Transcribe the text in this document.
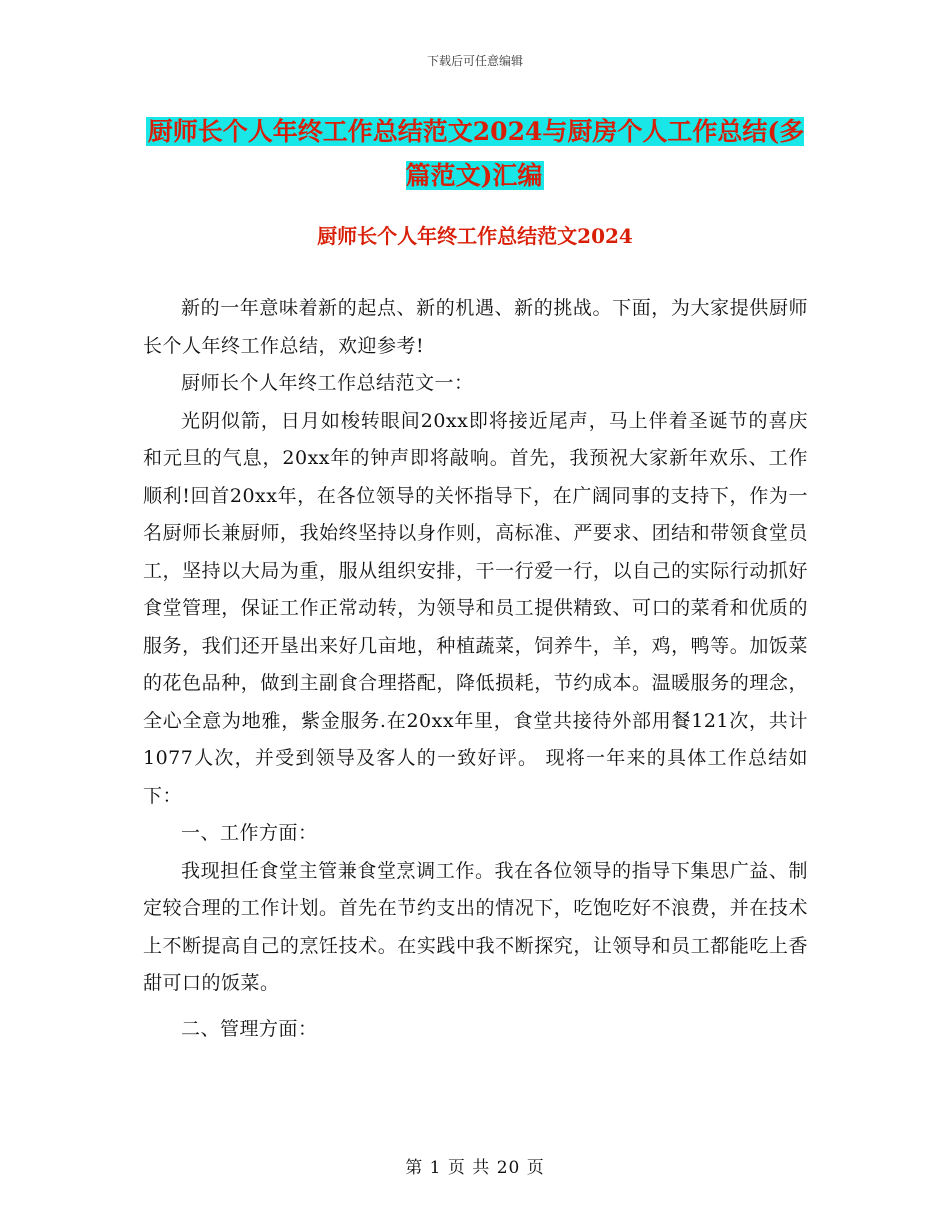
下载后可任意编辑
厨师长个人年终工作总结范文2024与厨房个人工作总结(多篇范文)汇编
厨师长个人年终工作总结范文2024

新的一年意味着新的起点、新的机遇、新的挑战。下面，为大家提供厨师长个人年终工作总结，欢迎参考!

厨师长个人年终工作总结范文一：

光阴似箭，日月如梭转眼间20xx即将接近尾声，马上伴着圣诞节的喜庆和元旦的气息，20xx年的钟声即将敲响。首先，我预祝大家新年欢乐、工作顺利!回首20xx年，在各位领导的关怀指导下，在广阔同事的支持下，作为一名厨师长兼厨师，我始终坚持以身作则，高标准、严要求、团结和带领食堂员工，坚持以大局为重，服从组织安排，干一行爱一行，以自己的实际行动抓好食堂管理，保证工作正常动转，为领导和员工提供精致、可口的菜肴和优质的服务，我们还开垦出来好几亩地，种植蔬菜，饲养牛，羊，鸡，鸭等。加饭菜的花色品种，做到主副食合理搭配，降低损耗，节约成本。温暖服务的理念，全心全意为地雅，紫金服务.在20xx年里，食堂共接待外部用餐121次，共计1077人次，并受到领导及客人的一致好评。 现将一年来的具体工作总结如下：

一、工作方面：

我现担任食堂主管兼食堂烹调工作。我在各位领导的指导下集思广益、制定较合理的工作计划。首先在节约支出的情况下，吃饱吃好不浪费，并在技术上不断提高自己的烹饪技术。在实践中我不断探究，让领导和员工都能吃上香甜可口的饭菜。

二、管理方面：

第 1 页 共 20 页
